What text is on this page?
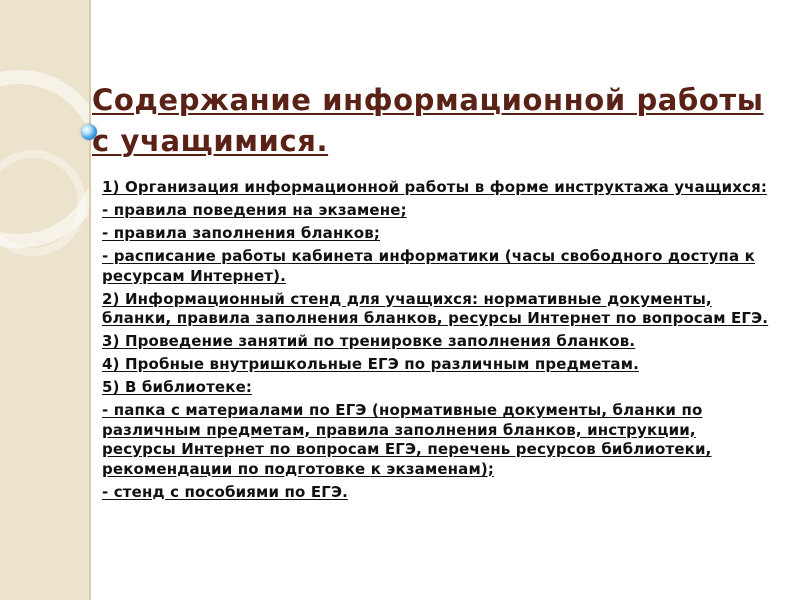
Содержание информационной работы с учащимися.

1) Организация информационной работы в форме инструктажа учащихся:

- правила поведения на экзамене;

- правила заполнения бланков;

- расписание работы кабинета информатики (часы свободного доступа к ресурсам Интернет).

2) Информационный стенд для учащихся: нормативные документы, бланки, правила заполнения бланков, ресурсы Интернет по вопросам ЕГЭ.

3) Проведение занятий по тренировке заполнения бланков.

4) Пробные внутришкольные ЕГЭ по различным предметам.

5) В библиотеке:

- папка с материалами по ЕГЭ (нормативные документы, бланки по различным предметам, правила заполнения бланков, инструкции, ресурсы Интернет по вопросам ЕГЭ, перечень ресурсов библиотеки, рекомендации по подготовке к экзаменам);

- стенд с пособиями по ЕГЭ.
